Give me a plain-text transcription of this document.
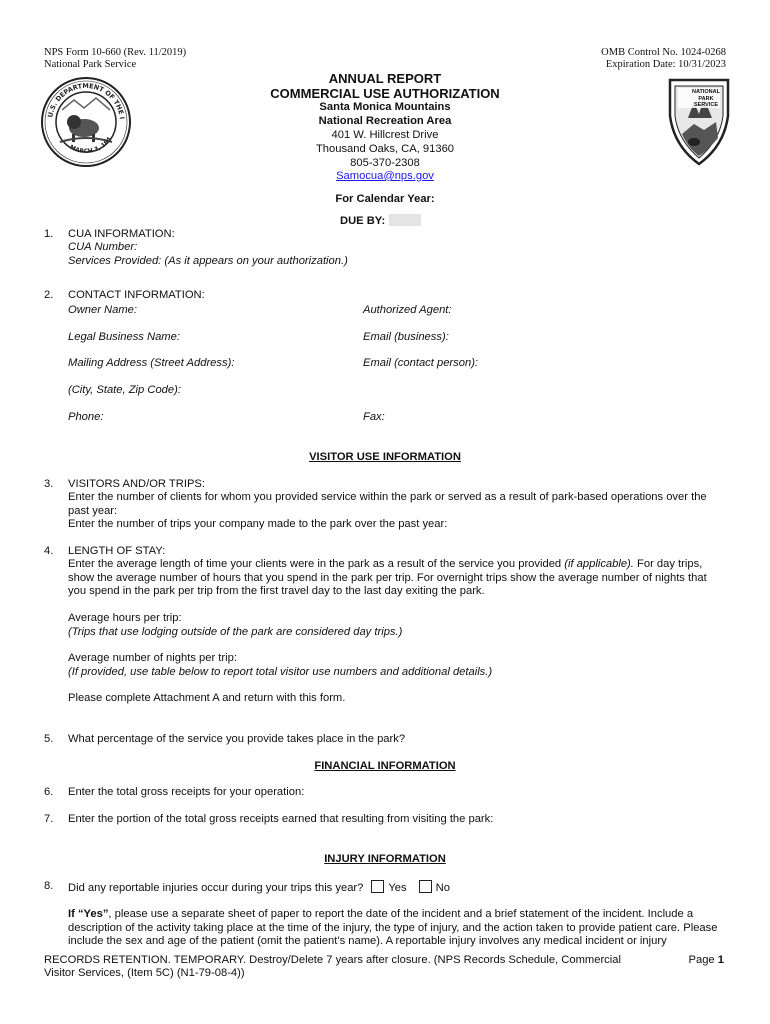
NPS Form 10-660 (Rev. 11/2019)
National Park Service
OMB Control No. 1024-0268
Expiration Date: 10/31/2023
U.S. DEPARTMENT OF THE I
MARCH 3, 184
NATIONAL
PARK
SERVICE
ANNUAL REPORT
COMMERCIAL USE AUTHORIZATION
Santa Monica Mountains
National Recreation Area
401 W. Hillcrest Drive
Thousand Oaks, CA, 91360
805-370-2308
Samocua@nps.gov
For Calendar Year:
DUE BY:
1. CUA INFORMATION:
CUA Number:
Services Provided: (As it appears on your authorization.)
2. CONTACT INFORMATION:
Owner Name:	Authorized Agent:
Legal Business Name:	Email (business):
Mailing Address (Street Address):	Email (contact person):
(City, State, Zip Code):
Phone:	Fax:
VISITOR USE INFORMATION
3. VISITORS AND/OR TRIPS:
Enter the number of clients for whom you provided service within the park or served as a result of park-based operations over the past year:
Enter the number of trips your company made to the park over the past year:
4. LENGTH OF STAY:
Enter the average length of time your clients were in the park as a result of the service you provided (if applicable). For day trips, show the average number of hours that you spend in the park per trip. For overnight trips show the average number of nights that you spend in the park per trip from the first travel day to the last day exiting the park.
Average hours per trip:
(Trips that use lodging outside of the park are considered day trips.)
Average number of nights per trip:
(If provided, use table below to report total visitor use numbers and additional details.)
Please complete Attachment A and return with this form.
5. What percentage of the service you provide takes place in the park?
FINANCIAL INFORMATION
6. Enter the total gross receipts for your operation:
7. Enter the portion of the total gross receipts earned that resulting from visiting the park:
INJURY INFORMATION
8. Did any reportable injuries occur during your trips this year? Yes	No
If “Yes”, please use a separate sheet of paper to report the date of the incident and a brief statement of the incident. Include a description of the activity taking place at the time of the injury, the type of injury, and the action taken to provide patient care. Please include the sex and age of the patient (omit the patient’s name). A reportable injury involves any medical incident or injury
RECORDS RETENTION. TEMPORARY. Destroy/Delete 7 years after closure. (NPS Records Schedule, Commercial Visitor Services, (Item 5C) (N1-79-08-4))
Page 1
